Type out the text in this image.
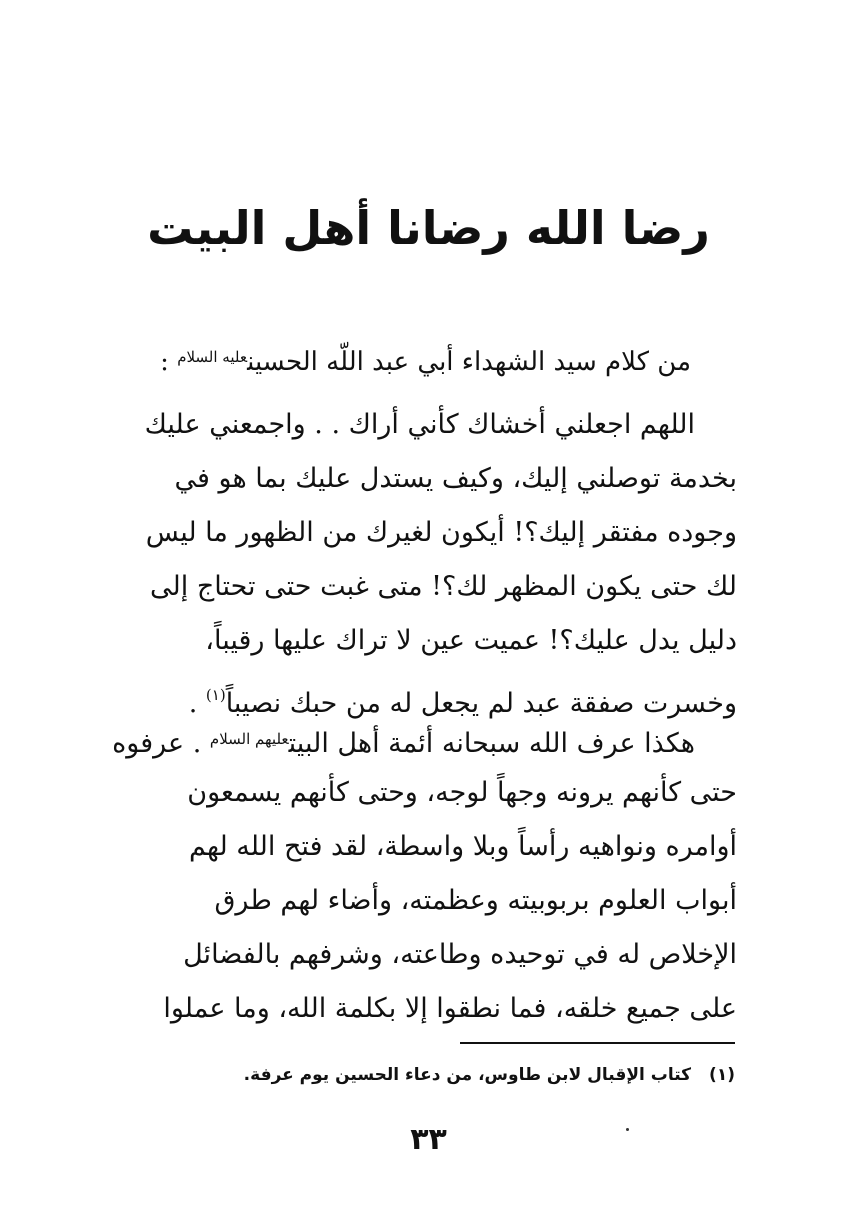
رضا الله رضانا أهل البيت

من كلام سيد الشهداء أبي عبد اللّه الحسين$^{عليه السلام}$ :

اللهم اجعلني أخشاك كأني أراك . . واجمعني عليك
بخدمة توصلني إليك، وكيف يستدل عليك بما هو في
وجوده مفتقر إليك؟! أيكون لغيرك من الظهور ما ليس
لك حتى يكون المظهر لك؟! متى غبت حتى تحتاج إلى
دليل يدل عليك؟! عميت عين لا تراك عليها رقيباً،
وخسرت صفقة عبد لم يجعل له من حبك نصيباً$^{(١)}$ .
هكذا عرف الله سبحانه أئمة أهل البيت$^{عليهم السلام}$ . عرفوه
حتى كأنهم يرونه وجهاً لوجه، وحتى كأنهم يسمعون
أوامره ونواهيه رأساً وبلا واسطة، لقد فتح الله لهم
أبواب العلوم بربوبيته وعظمته، وأضاء لهم طرق
الإخلاص له في توحيده وطاعته، وشرفهم بالفضائل
على جميع خلقه، فما نطقوا إلا بكلمة الله، وما عملوا
(١)كتاب الإقبال لابن طاوس، من دعاء الحسين يوم عرفة.
٣٣
